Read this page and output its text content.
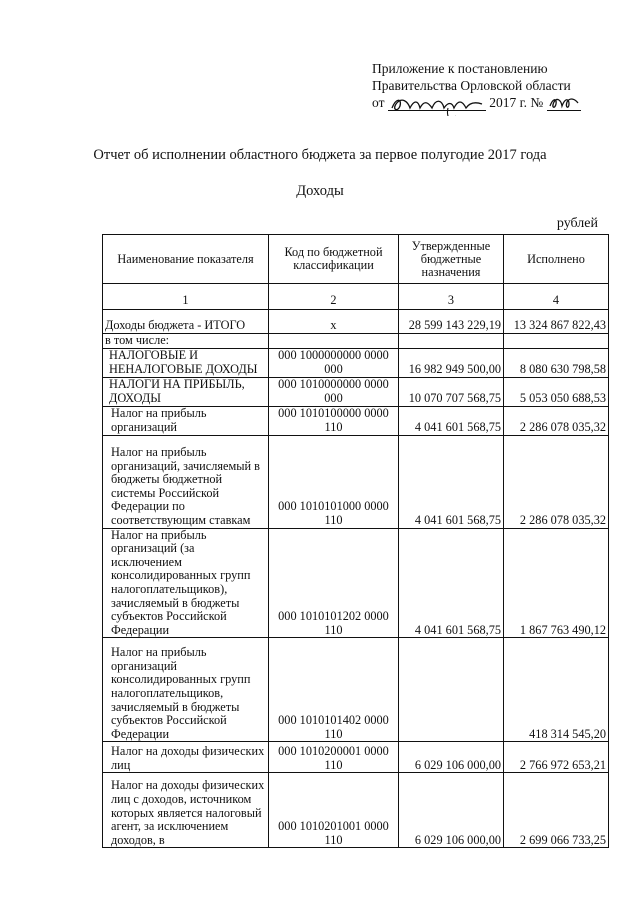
Приложение к постановлению
Правительства Орловской области
от	2017 г. №
Отчет об исполнении областного бюджета за первое полугодие 2017 года
Доходы
рублей
Наименование показателя	Код по бюджетной классификации	Утвержденные бюджетные назначения	Исполнено
1	2	3	4
Доходы бюджета - ИТОГО	x	28 599 143 229,19	13 324 867 822,43
в том числе:			
НАЛОГОВЫЕ И НЕНАЛОГОВЫЕ ДОХОДЫ	000 1000000000 0000 000	16 982 949 500,00	8 080 630 798,58
НАЛОГИ НА ПРИБЫЛЬ, ДОХОДЫ	000 1010000000 0000 000	10 070 707 568,75	5 053 050 688,53
Налог на прибыль организаций	000 1010100000 0000 110	4 041 601 568,75	2 286 078 035,32
Налог на прибыль организаций, зачисляемый в бюджеты бюджетной системы Российской Федерации по соответствующим ставкам	000 1010101000 0000 110	4 041 601 568,75	2 286 078 035,32
Налог на прибыль организаций (за исключением консолидированных групп налогоплательщиков), зачисляемый в бюджеты субъектов Российской Федерации	000 1010101202 0000 110	4 041 601 568,75	1 867 763 490,12
Налог на прибыль организаций консолидированных групп налогоплательщиков, зачисляемый в бюджеты субъектов Российской Федерации	000 1010101402 0000 110		418 314 545,20
Налог на доходы физических лиц	000 1010200001 0000 110	6 029 106 000,00	2 766 972 653,21
Налог на доходы физических лиц с доходов, источником которых является налоговый агент, за исключением доходов, в	000 1010201001 0000 110	6 029 106 000,00	2 699 066 733,25
